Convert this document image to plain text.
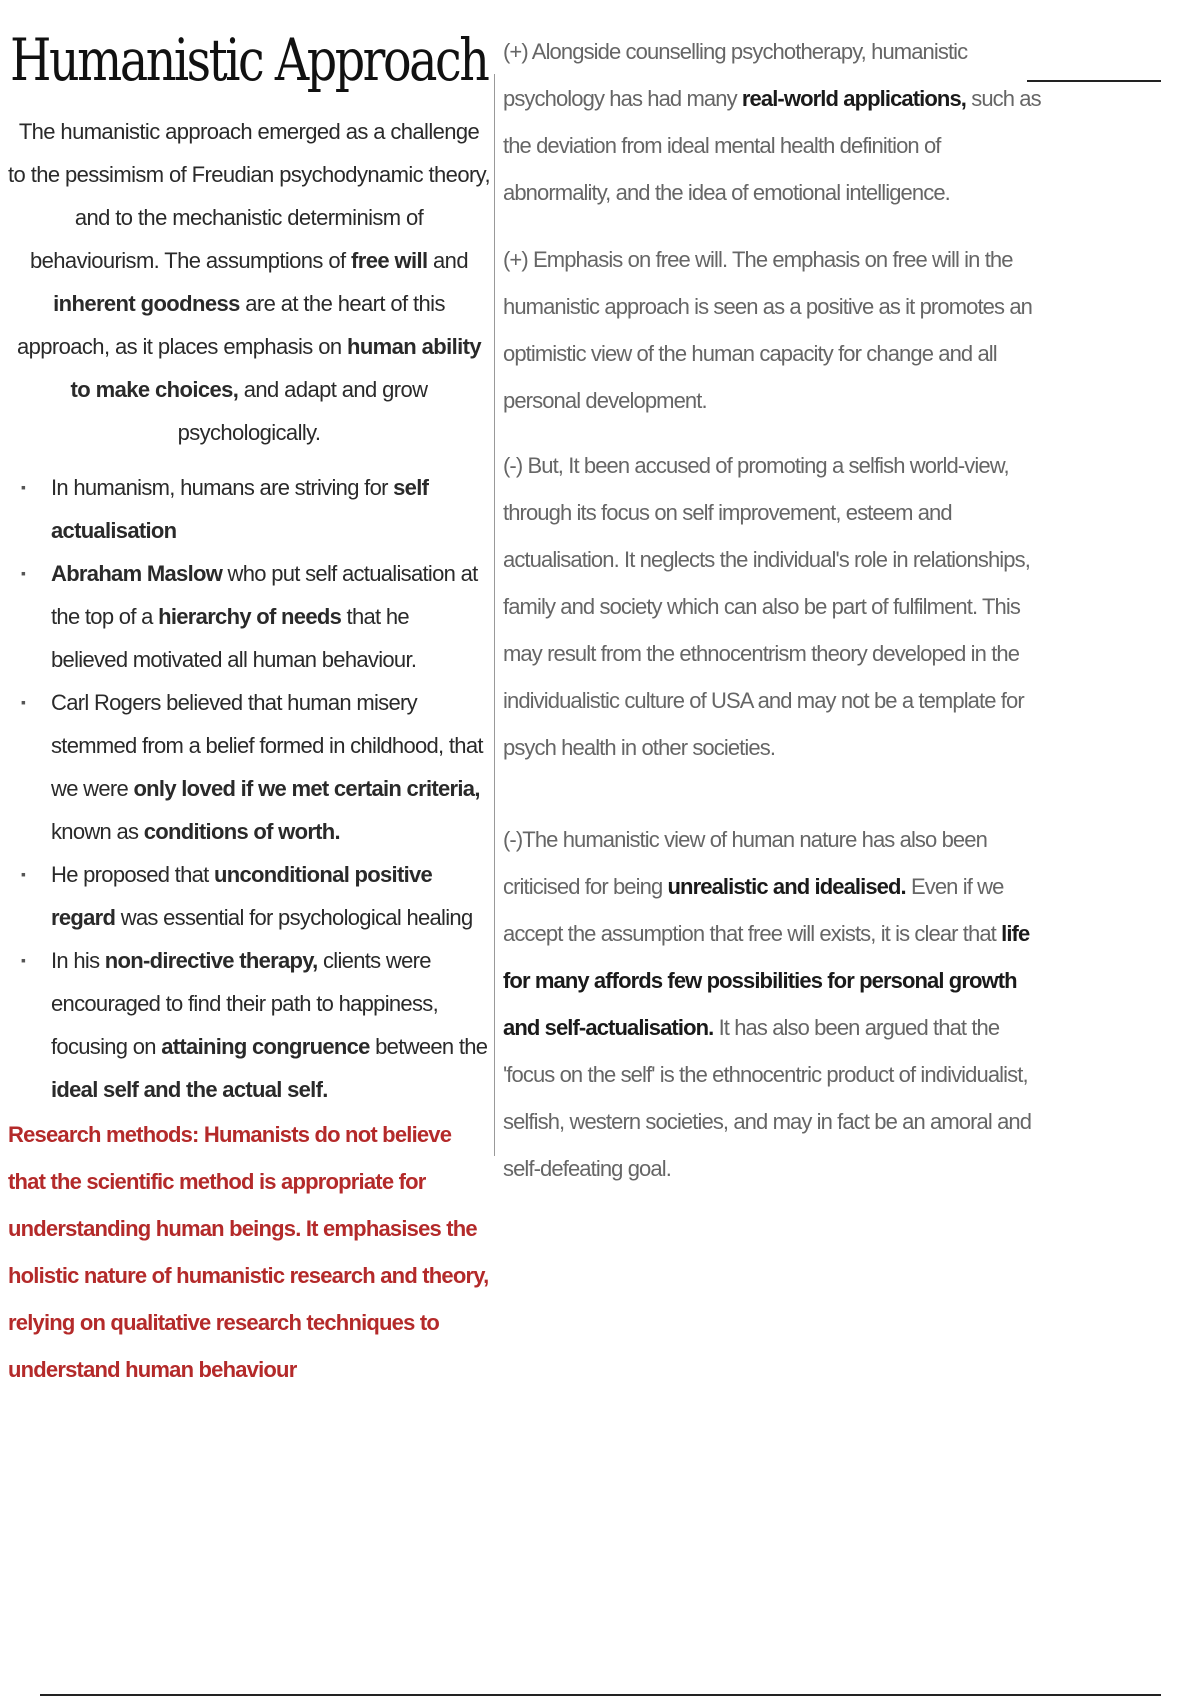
Humanistic Approach

The humanistic approach emerged as a challenge to the pessimism of Freudian psychodynamic theory, and to the mechanistic determinism of behaviourism. The assumptions of free will and inherent goodness are at the heart of this approach, as it places emphasis on human ability to make choices, and adapt and grow psychologically.

▪ In humanism, humans are striving for self actualisation
▪ Abraham Maslow who put self actualisation at the top of a hierarchy of needs that he believed motivated all human behaviour.
▪ Carl Rogers believed that human misery stemmed from a belief formed in childhood, that we were only loved if we met certain criteria, known as conditions of worth.
▪ He proposed that unconditional positive regard was essential for psychological healing
▪ In his non-directive therapy, clients were encouraged to find their path to happiness, focusing on attaining congruence between the ideal self and the actual self.

Research methods: Humanists do not believe that the scientific method is appropriate for understanding human beings. It emphasises the holistic nature of humanistic research and theory, relying on qualitative research techniques to understand human behaviour

(+) Alongside counselling psychotherapy, humanistic psychology has had many real-world applications, such as the deviation from ideal mental health definition of abnormality, and the idea of emotional intelligence.

(+) Emphasis on free will. The emphasis on free will in the humanistic approach is seen as a positive as it promotes an optimistic view of the human capacity for change and all personal development.

(-) But, It been accused of promoting a selfish world-view, through its focus on self improvement, esteem and actualisation. It neglects the individual's role in relationships, family and society which can also be part of fulfilment. This may result from the ethnocentrism theory developed in the individualistic culture of USA and may not be a template for psych health in other societies.

(-)The humanistic view of human nature has also been criticised for being unrealistic and idealised. Even if we accept the assumption that free will exists, it is clear that life for many affords few possibilities for personal growth and self-actualisation. It has also been argued that the 'focus on the self' is the ethnocentric product of individualist, selfish, western societies, and may in fact be an amoral and self-defeating goal.
